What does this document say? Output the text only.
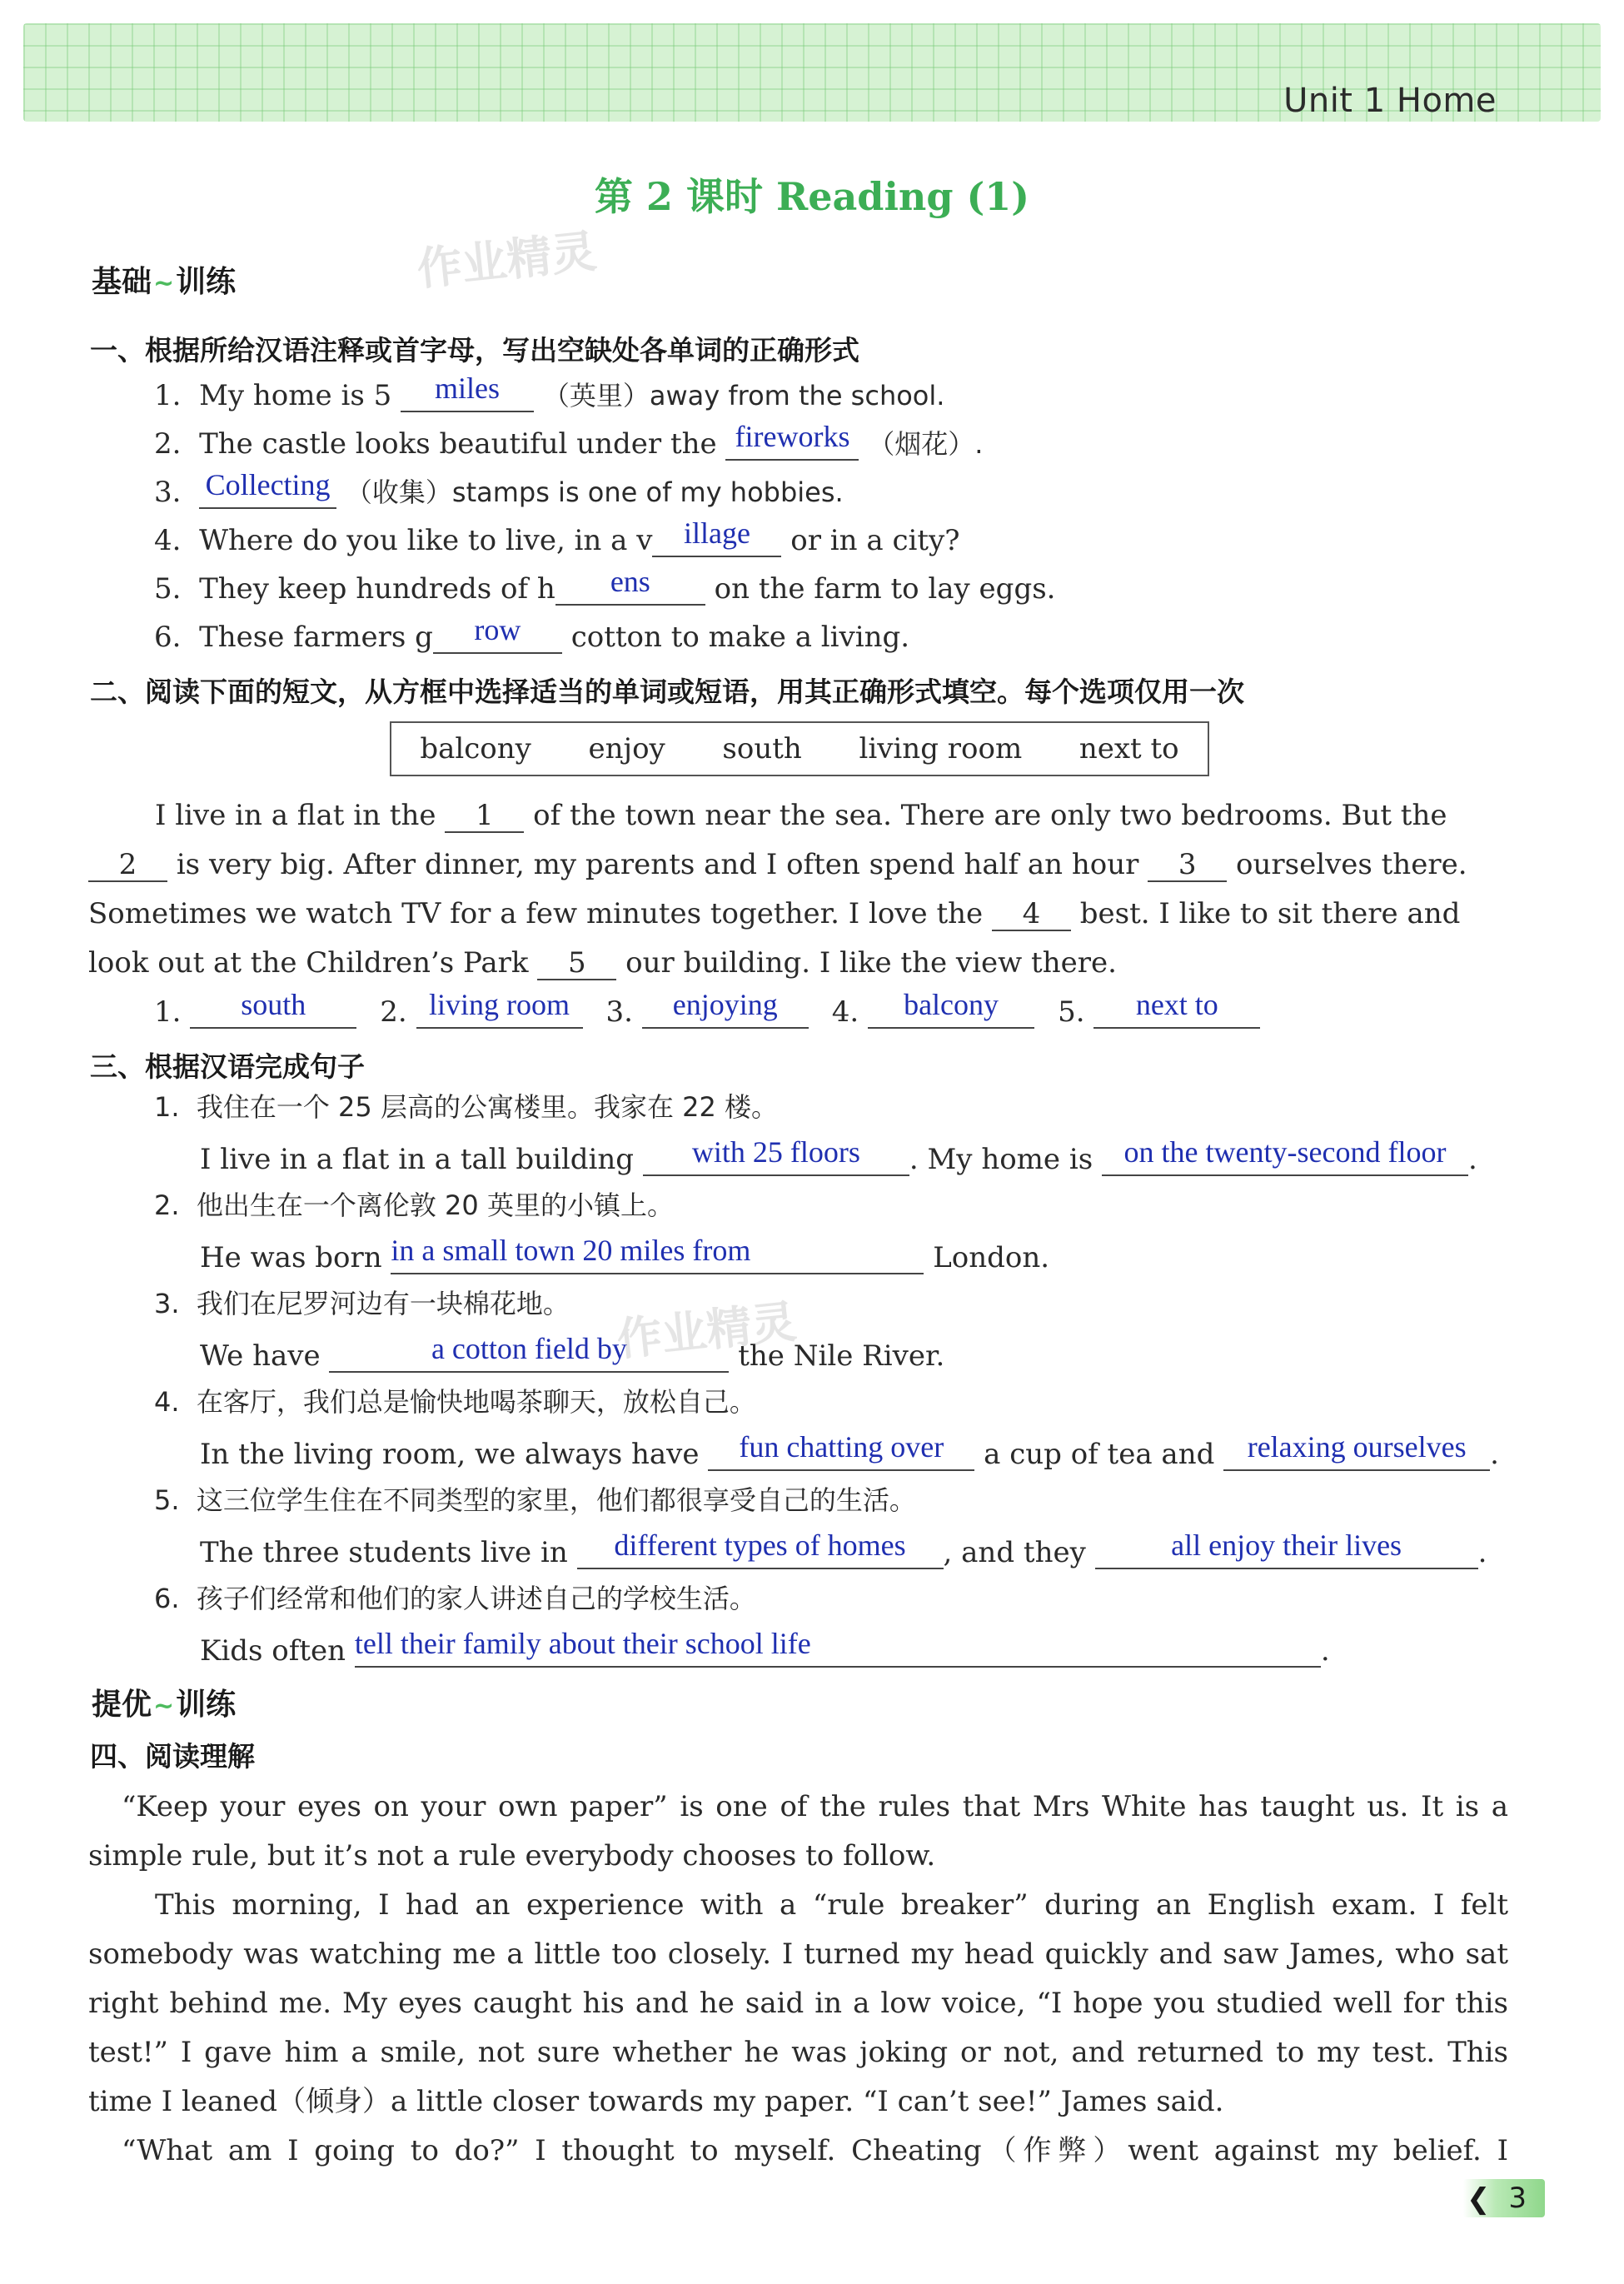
Unit 1 Home
第 2 课时 Reading (1)
作业精灵
基础~训练
一、根据所给汉语注释或首字母，写出空缺处各单词的正确形式
1. My home is 5 miles （英里）away from the school.
2. The castle looks beautiful under the fireworks （烟花）.
3. Collecting （收集）stamps is one of my hobbies.
4. Where do you like to live, in a v illage or in a city?
5. They keep hundreds of h ens on the farm to lay eggs.
6. These farmers g row cotton to make a living.
二、阅读下面的短文，从方框中选择适当的单词或短语，用其正确形式填空。每个选项仅用一次
balcony enjoy south living room next to
I live in a flat in the 1 of the town near the sea. There are only two bedrooms. But the
2 is very big. After dinner, my parents and I often spend half an hour 3 ourselves there.
Sometimes we watch TV for a few minutes together. I love the 4 best. I like to sit there and
look out at the Children’s Park 5 our building. I like the view there.
1. south	2. living room	3. enjoying	4. balcony	5. next to
三、根据汉语完成句子
1. 我住在一个 25 层高的公寓楼里。我家在 22 楼。
I live in a flat in a tall building with 25 floors . My home is on the twenty-second floor .
2. 他出生在一个离伦敦 20 英里的小镇上。
He was born in a small town 20 miles from	London.
3. 我们在尼罗河边有一块棉花地。
We have	a cotton field by	the Nile River.
作业精灵
4. 在客厅，我们总是愉快地喝茶聊天，放松自己。
In the living room, we always have fun chatting over a cup of tea and relaxing ourselves .
5. 这三位学生住在不同类型的家里，他们都很享受自己的生活。
The three students live in different types of homes , and they	all enjoy their lives	.
6. 孩子们经常和他们的家人讲述自己的学校生活。
Kids often tell their family about their school life	.
提优~训练
四、阅读理解
“Keep your eyes on your own paper” is one of the rules that Mrs White has taught us. It is a
simple rule, but it’s not a rule everybody chooses to follow.
This morning, I had an experience with a “rule breaker” during an English exam. I felt
somebody was watching me a little too closely. I turned my head quickly and saw James, who sat
right behind me. My eyes caught his and he said in a low voice, “I hope you studied well for this
test!” I gave him a smile, not sure whether he was joking or not, and returned to my test. This
time I leaned（倾身）a little closer towards my paper. “I can’t see!” James said.
“What am I going to do?” I thought to myself. Cheating（作弊）went against my belief. I
❮ 3
